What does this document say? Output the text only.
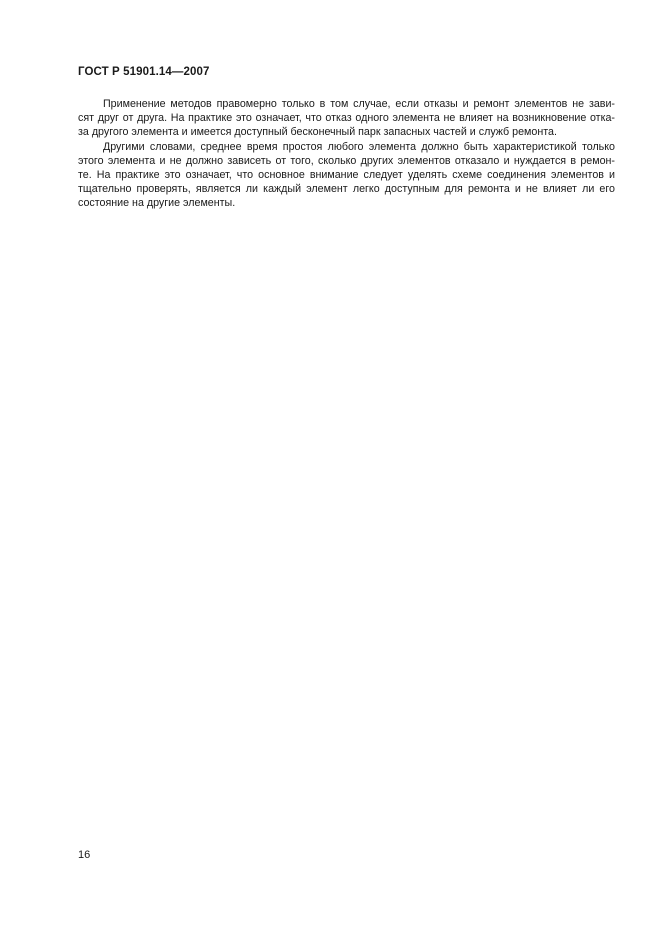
ГОСТ Р 51901.14—2007

Применение методов правомерно только в том случае, если отказы и ремонт элементов не зави-
сят друг от друга. На практике это означает, что отказ одного элемента не влияет на возникновение отка-
за другого элемента и имеется доступный бесконечный парк запасных частей и служб ремонта.

Другими словами, среднее время простоя любого элемента должно быть характеристикой только
этого элемента и не должно зависеть от того, сколько других элементов отказало и нуждается в ремон-
те. На практике это означает, что основное внимание следует уделять схеме соединения элементов и
тщательно проверять, является ли каждый элемент легко доступным для ремонта и не влияет ли его
состояние на другие элементы.

16
